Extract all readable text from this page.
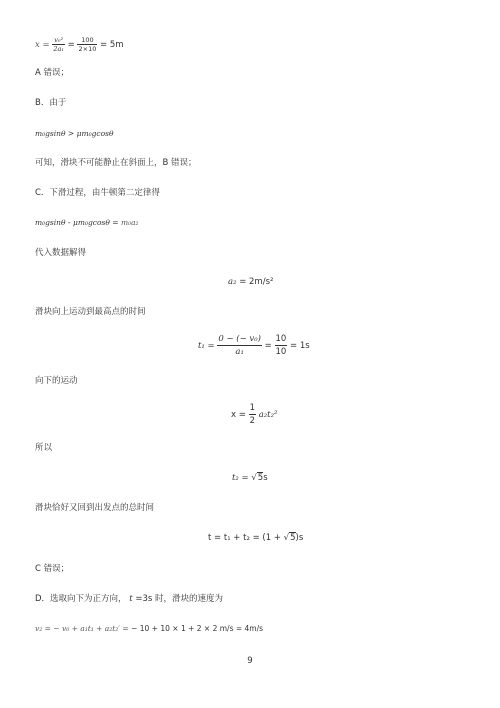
$x = \frac{\text{v₀²}}{\text{2a₁}} = \frac{100}{2\times 10} = 5m$
A 错误；
B．由于
m₀gsinθ > μm₀gcosθ
可知，滑块不可能静止在斜面上，B 错误；
C．下滑过程，由牛顿第二定律得
m₀gsinθ - μm₀gcosθ = m₀a₂
代入数据解得
a₂ = 2m/s²
滑块向上运动到最高点的时间
$t_1 = \frac{\text{0 − (− v₀)}}{\text{a₁}} = \frac{10}{10} = 1s$
向下的运动
$x = \frac{1}{2} a_2t_2^2$
所以
t₂ = √5s
滑块恰好又回到出发点的总时间
t = t₁ + t₂ = (1 + √5)s
C 错误；
D．选取向下为正方向， t =3s 时，滑块的速度为
v₂ = − v₀ + a₁t₁ + a₂t₂′ = − 10 + 10 × 1 + 2 × 2 m/s = 4m/s
9
